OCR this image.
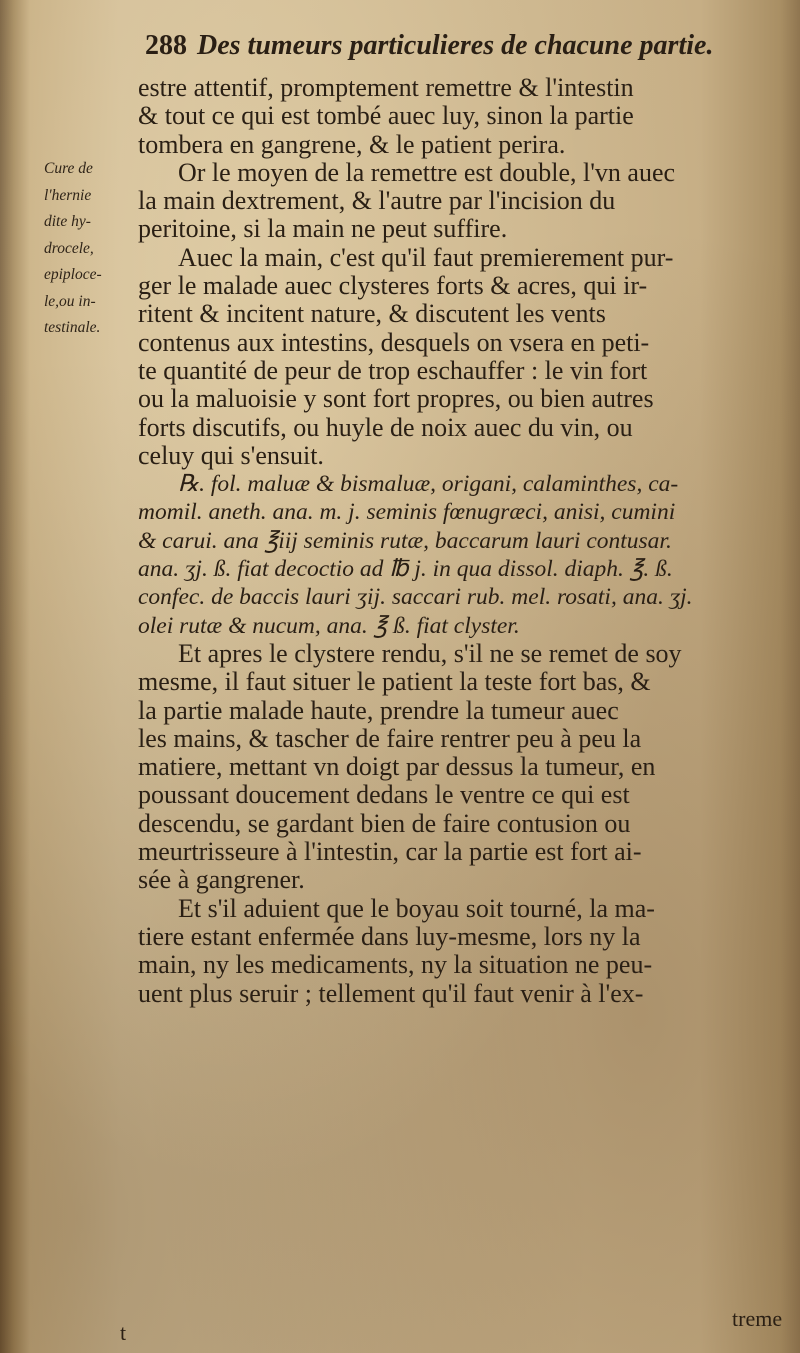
288 Des tumeurs particulieres de chacune partie.
Cure de
l'hernie
dite hy-
drocele,
epiploce-
le,ou in-
testinale.
estre attentif, promptement remettre & l'intestin
& tout ce qui est tombé auec luy, sinon la partie
tombera en gangrene, & le patient perira.
Or le moyen de la remettre est double, l'vn auec
la main dextrement, & l'autre par l'incision du
peritoine, si la main ne peut suffire.
Auec la main, c'est qu'il faut premierement pur-
ger le malade auec clysteres forts & acres, qui ir-
ritent & incitent nature, & discutent les vents
contenus aux intestins, desquels on vsera en peti-
te quantité de peur de trop eschauffer : le vin fort
ou la maluoisie y sont fort propres, ou bien autres
forts discutifs, ou huyle de noix auec du vin, ou
celuy qui s'ensuit.
℞. fol. maluæ & bismaluæ, origani, calaminthes, ca-
momil. aneth. ana. m. j. seminis fœnugræci, anisi, cumini
& carui. ana ℥iij seminis rutæ, baccarum lauri contusar.
ana. ʒj. ß. fiat decoctio ad ℔ j. in qua dissol. diaph. ℥. ß.
confec. de baccis lauri ʒij. saccari rub. mel. rosati, ana. ʒj.
olei rutæ & nucum, ana. ℥ ß. fiat clyster.
Et apres le clystere rendu, s'il ne se remet de soy
mesme, il faut situer le patient la teste fort bas, &
la partie malade haute, prendre la tumeur auec
les mains, & tascher de faire rentrer peu à peu la
matiere, mettant vn doigt par dessus la tumeur, en
poussant doucement dedans le ventre ce qui est
descendu, se gardant bien de faire contusion ou
meurtrisseure à l'intestin, car la partie est fort ai-
sée à gangrener.
Et s'il aduient que le boyau soit tourné, la ma-
tiere estant enfermée dans luy-mesme, lors ny la
main, ny les medicaments, ny la situation ne peu-
uent plus seruir ; tellement qu'il faut venir à l'ex-
t
treme
